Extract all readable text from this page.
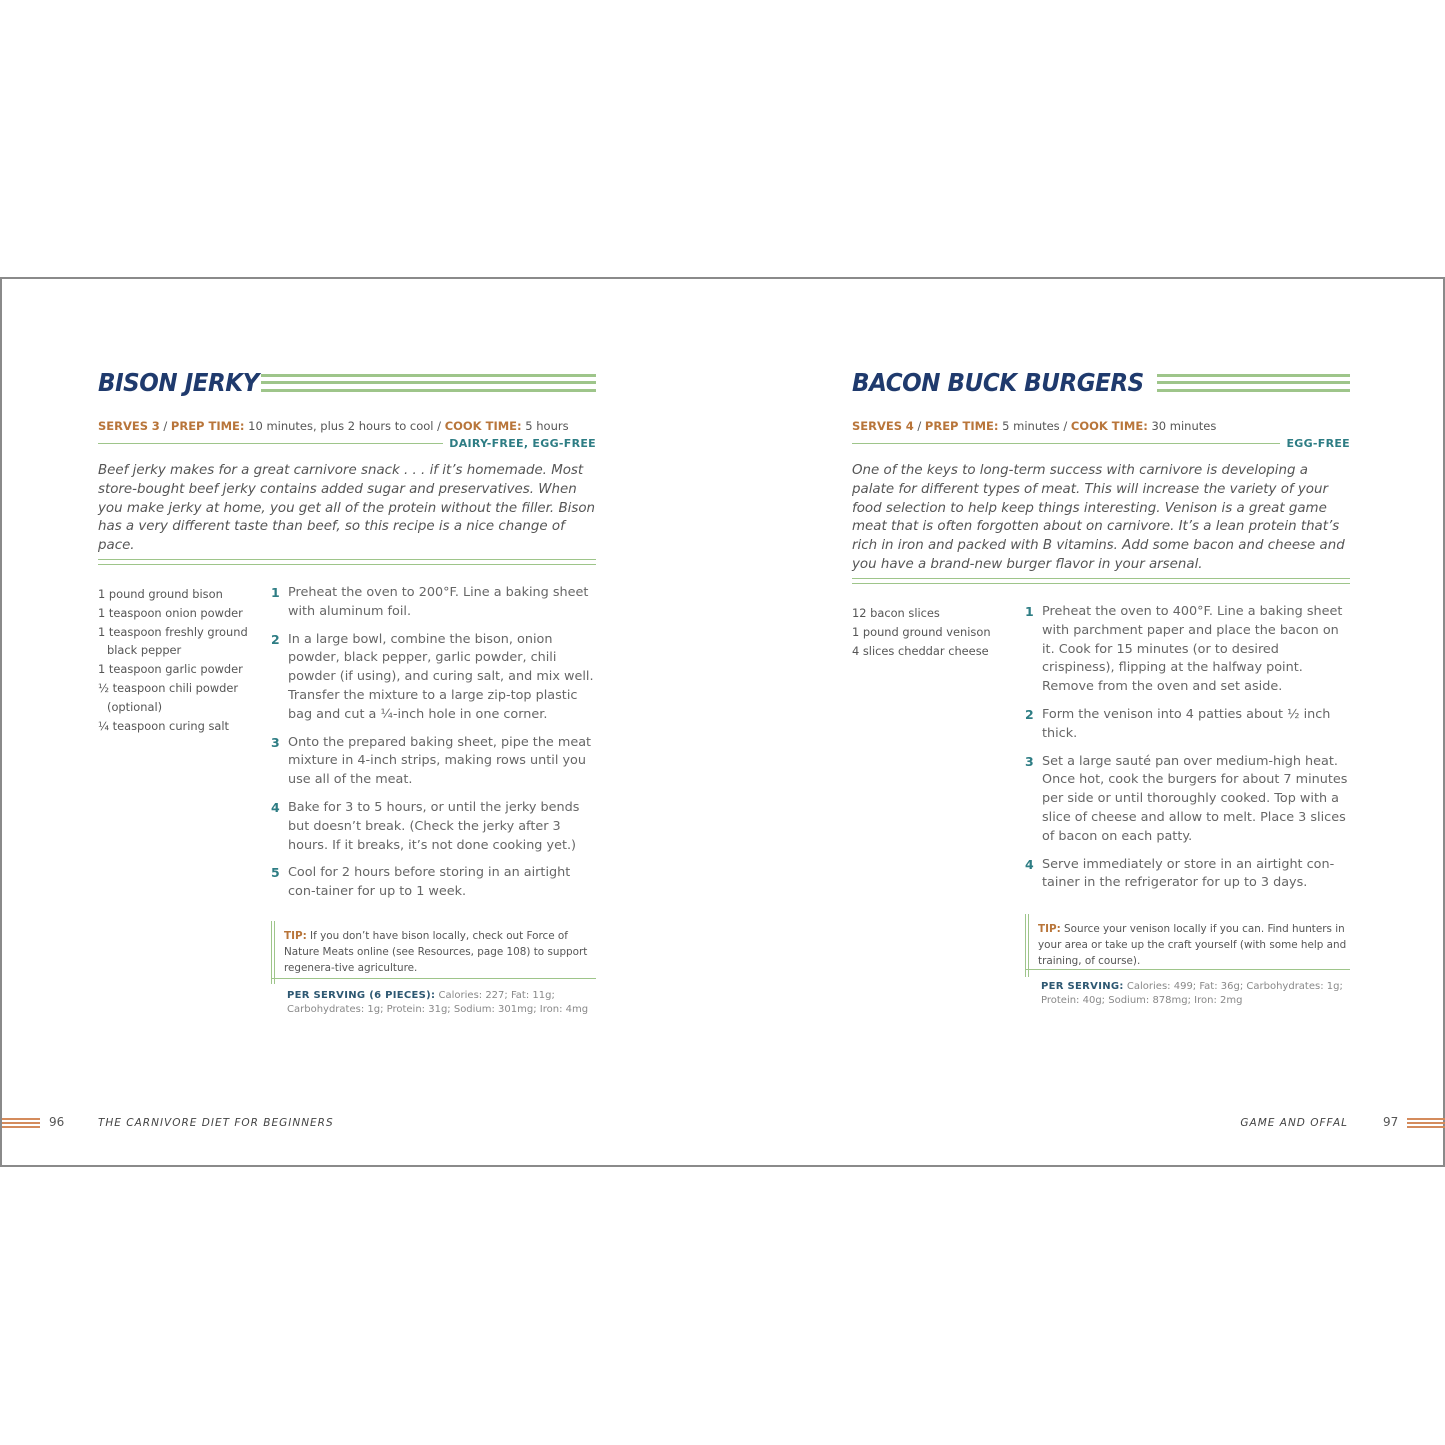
BISON JERKY
SERVES 3 / PREP TIME: 10 minutes, plus 2 hours to cool / COOK TIME: 5 hours
DAIRY-FREE, EGG-FREE

Beef jerky makes for a great carnivore snack . . . if it’s homemade. Most store-bought beef jerky contains added sugar and preservatives. When you make jerky at home, you get all of the protein without the filler. Bison has a very different taste than beef, so this recipe is a nice change of pace.

1 pound ground bison
1 teaspoon onion powder
1 teaspoon freshly ground black pepper
1 teaspoon garlic powder
½ teaspoon chili powder (optional)
¼ teaspoon curing salt
1 Preheat the oven to 200°F. Line a baking sheet with aluminum foil.
2 In a large bowl, combine the bison, onion powder, black pepper, garlic powder, chili powder (if using), and curing salt, and mix well. Transfer the mixture to a large zip-top plastic bag and cut a ¼-inch hole in one corner.
3 Onto the prepared baking sheet, pipe the meat mixture in 4-inch strips, making rows until you use all of the meat.
4 Bake for 3 to 5 hours, or until the jerky bends but doesn’t break. (Check the jerky after 3 hours. If it breaks, it’s not done cooking yet.)
5 Cool for 2 hours before storing in an airtight con-tainer for up to 1 week.

TIP: If you don’t have bison locally, check out Force of Nature Meats online (see Resources, page 108) to support regenera-tive agriculture.

PER SERVING (6 PIECES): Calories: 227; Fat: 11g; Carbohydrates: 1g; Protein: 31g; Sodium: 301mg; Iron: 4mg

96	THE CARNIVORE DIET FOR BEGINNERS
BACON BUCK BURGERS
SERVES 4 / PREP TIME: 5 minutes / COOK TIME: 30 minutes
EGG-FREE

One of the keys to long-term success with carnivore is developing a palate for different types of meat. This will increase the variety of your food selection to help keep things interesting. Venison is a great game meat that is often forgotten about on carnivore. It’s a lean protein that’s rich in iron and packed with B vitamins. Add some bacon and cheese and you have a brand-new burger flavor in your arsenal.

12 bacon slices
1 pound ground venison
4 slices cheddar cheese
1 Preheat the oven to 400°F. Line a baking sheet with parchment paper and place the bacon on it. Cook for 15 minutes (or to desired crispiness), flipping at the halfway point. Remove from the oven and set aside.
2 Form the venison into 4 patties about ½ inch thick.
3 Set a large sauté pan over medium-high heat. Once hot, cook the burgers for about 7 minutes per side or until thoroughly cooked. Top with a slice of cheese and allow to melt. Place 3 slices of bacon on each patty.
4 Serve immediately or store in an airtight con-tainer in the refrigerator for up to 3 days.

TIP: Source your venison locally if you can. Find hunters in your area or take up the craft yourself (with some help and training, of course).

PER SERVING: Calories: 499; Fat: 36g; Carbohydrates: 1g; Protein: 40g; Sodium: 878mg; Iron: 2mg

GAME AND OFFAL	97
